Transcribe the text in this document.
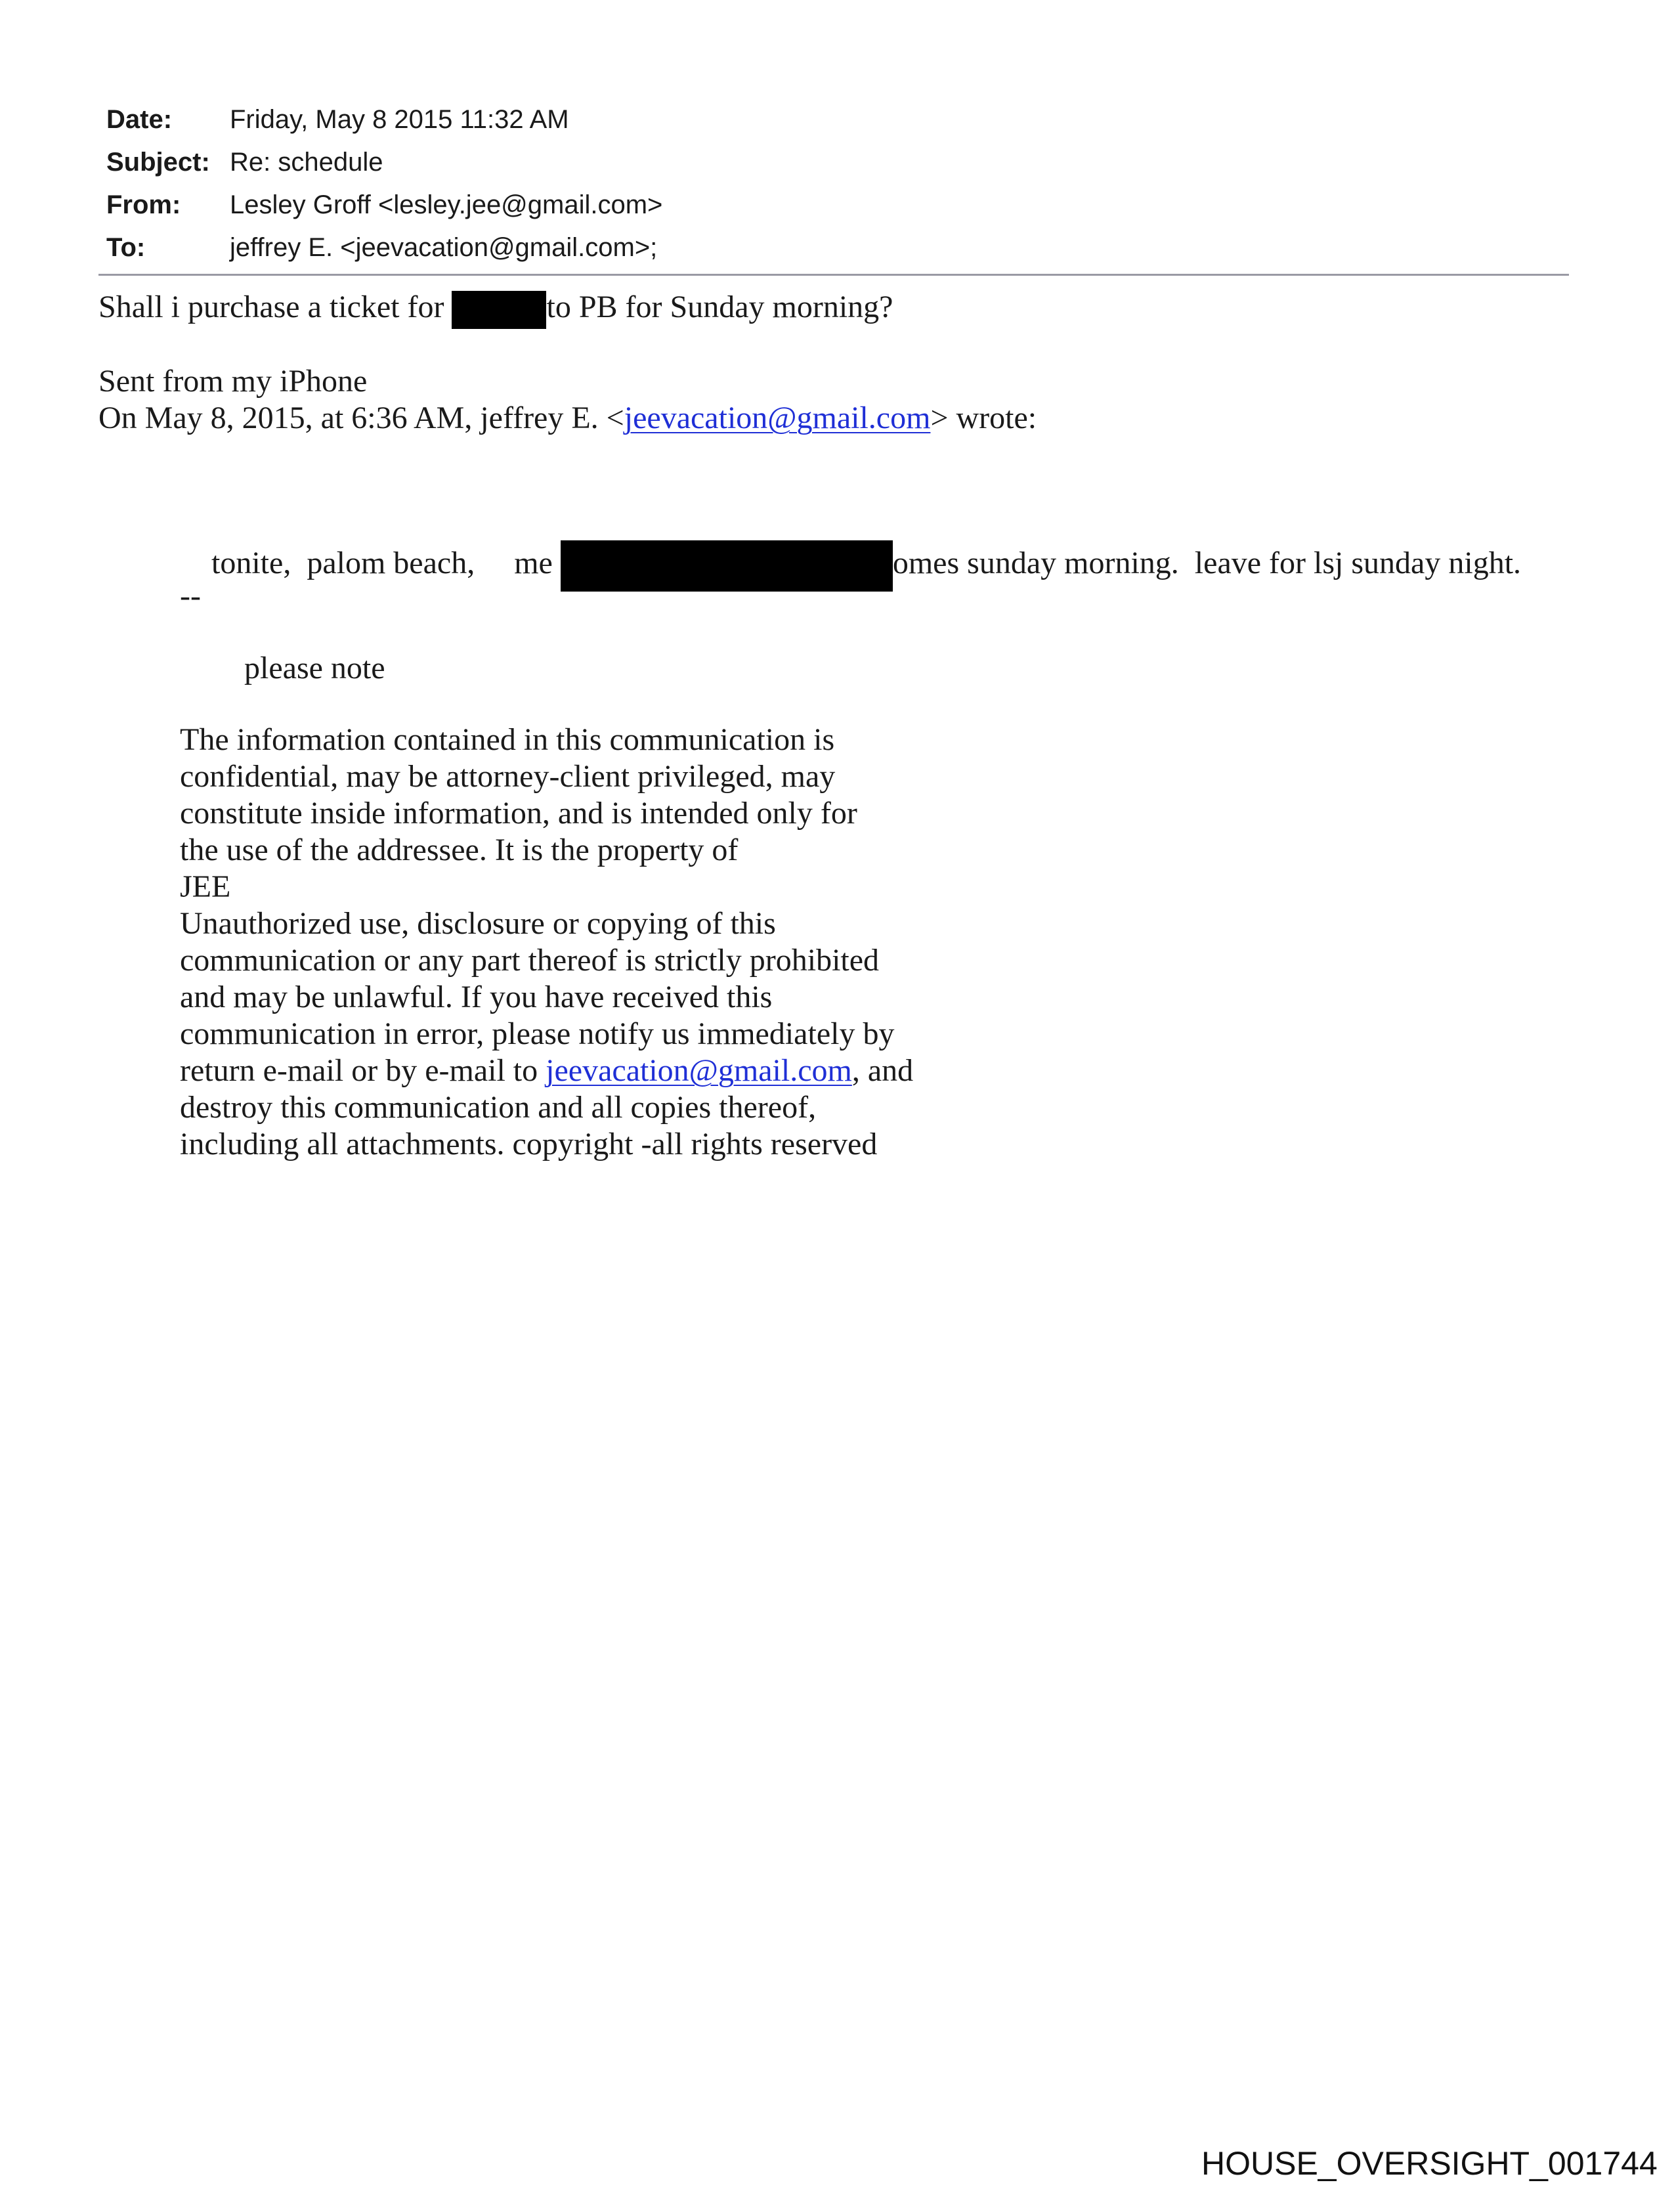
Date: Friday, May 8 2015 11:32 AM
Subject: Re: schedule
From: Lesley Groff <lesley.jee@gmail.com>
To:	jeffrey E. <jeevacation@gmail.com>;
Shall i purchase a ticket for	to PB for Sunday morning?
Sent from my iPhone
On May 8, 2015, at 6:36 AM, jeffrey E. <jeevacation@gmail.com> wrote:

tonite,  palom beach,     me	omes sunday morning.  leave for lsj sunday night.

--
please note
The information contained in this communication is
confidential, may be attorney-client privileged, may
constitute inside information, and is intended only for
the use of the addressee. It is the property of
JEE
Unauthorized use, disclosure or copying of this
communication or any part thereof is strictly prohibited
and may be unlawful. If you have received this
communication in error, please notify us immediately by
return e-mail or by e-mail to jeevacation@gmail.com, and
destroy this communication and all copies thereof,
including all attachments. copyright -all rights reserved
HOUSE_OVERSIGHT_001744
